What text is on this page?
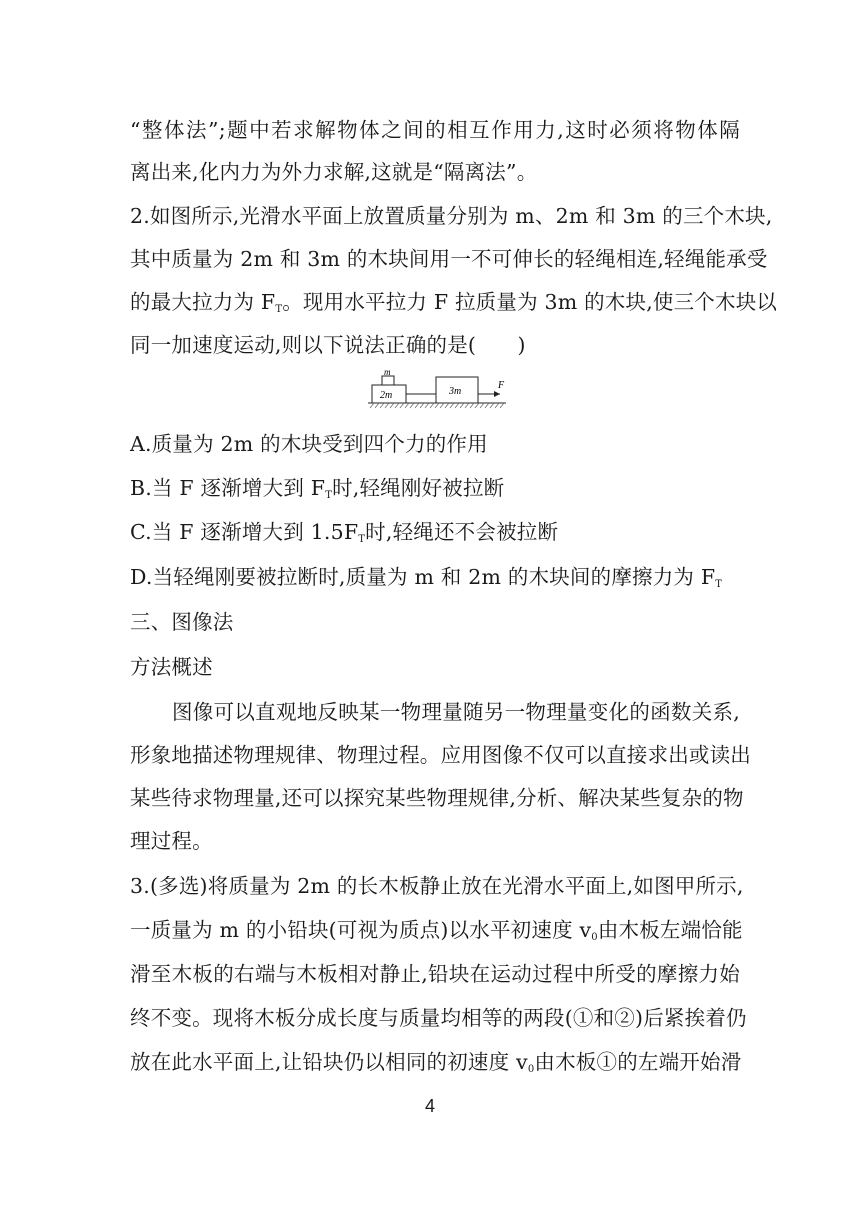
“整体法”;题中若求解物体之间的相互作用力,这时必须将物体隔
离出来,化内力为外力求解,这就是“隔离法”。
2.如图所示,光滑水平面上放置质量分别为 m、2m 和 3m 的三个木块,
其中质量为 2m 和 3m 的木块间用一不可伸长的轻绳相连,轻绳能承受
的最大拉力为 $F_T$。现用水平拉力 F 拉质量为 3m 的木块,使三个木块以
同一加速度运动,则以下说法正确的是(　　)
m
2m	3m
F
A.质量为 2m 的木块受到四个力的作用
B.当 F 逐渐增大到 $F_T$时,轻绳刚好被拉断
C.当 F 逐渐增大到 $1.5F_T$时,轻绳还不会被拉断
D.当轻绳刚要被拉断时,质量为 m 和 2m 的木块间的摩擦力为 $F_T$
三、图像法
方法概述
图像可以直观地反映某一物理量随另一物理量变化的函数关系,
形象地描述物理规律、物理过程。应用图像不仅可以直接求出或读出
某些待求物理量,还可以探究某些物理规律,分析、解决某些复杂的物
理过程。
3.(多选)将质量为 2m 的长木板静止放在光滑水平面上,如图甲所示,
一质量为 m 的小铅块(可视为质点)以水平初速度 $v_0$由木板左端恰能
滑至木板的右端与木板相对静止,铅块在运动过程中所受的摩擦力始
终不变。现将木板分成长度与质量均相等的两段(①和②)后紧挨着仍
放在此水平面上,让铅块仍以相同的初速度 $v_0$由木板①的左端开始滑
4
